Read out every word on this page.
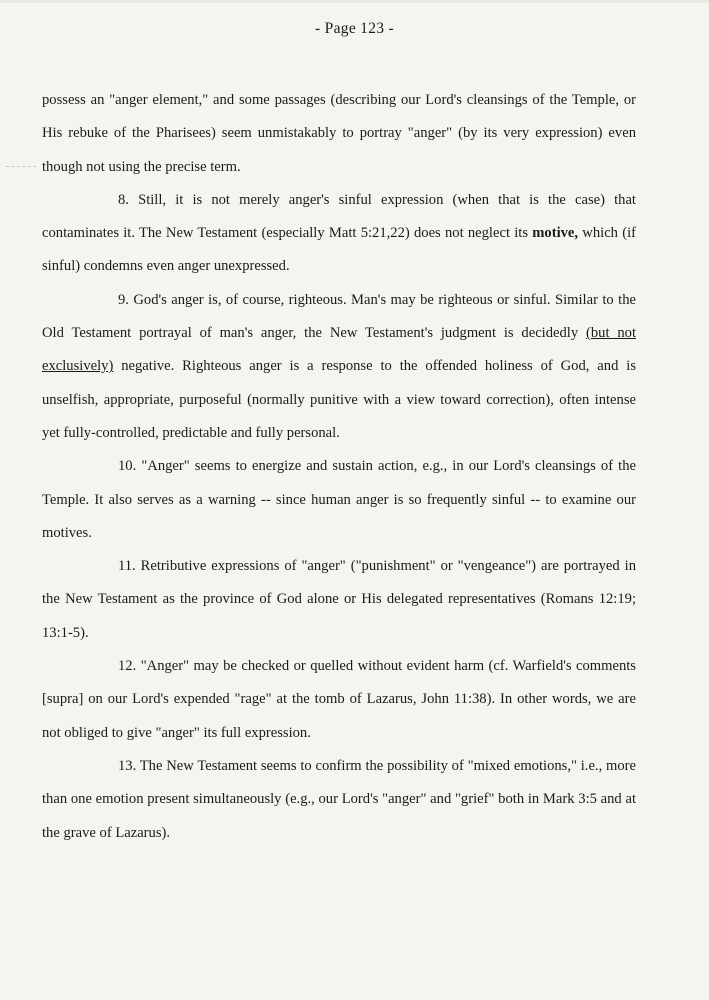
- Page 123 -

possess an "anger element," and some passages (describing our Lord's cleansings of the Temple, or His rebuke of the Pharisees) seem unmistakably to portray "anger" (by its very expression) even though not using the precise term.

8. Still, it is not merely anger's sinful expression (when that is the case) that contaminates it. The New Testament (especially Matt 5:21,22) does not neglect its motive, which (if sinful) condemns even anger unexpressed.

9. God's anger is, of course, righteous. Man's may be righteous or sinful. Similar to the Old Testament portrayal of man's anger, the New Testament's judgment is decidedly (but not exclusively) negative. Righteous anger is a response to the offended holiness of God, and is unselfish, appropriate, purposeful (normally punitive with a view toward correction), often intense yet fully-controlled, predictable and fully personal.

10. "Anger" seems to energize and sustain action, e.g., in our Lord's cleansings of the Temple. It also serves as a warning -- since human anger is so frequently sinful -- to examine our motives.

11. Retributive expressions of "anger" ("punishment" or "vengeance") are portrayed in the New Testament as the province of God alone or His delegated representatives (Romans 12:19; 13:1-5).

12. "Anger" may be checked or quelled without evident harm (cf. Warfield's comments [supra] on our Lord's expended "rage" at the tomb of Lazarus, John 11:38). In other words, we are not obliged to give "anger" its full expression.

13. The New Testament seems to confirm the possibility of "mixed emotions," i.e., more than one emotion present simultaneously (e.g., our Lord's "anger" and "grief" both in Mark 3:5 and at the grave of Lazarus).
